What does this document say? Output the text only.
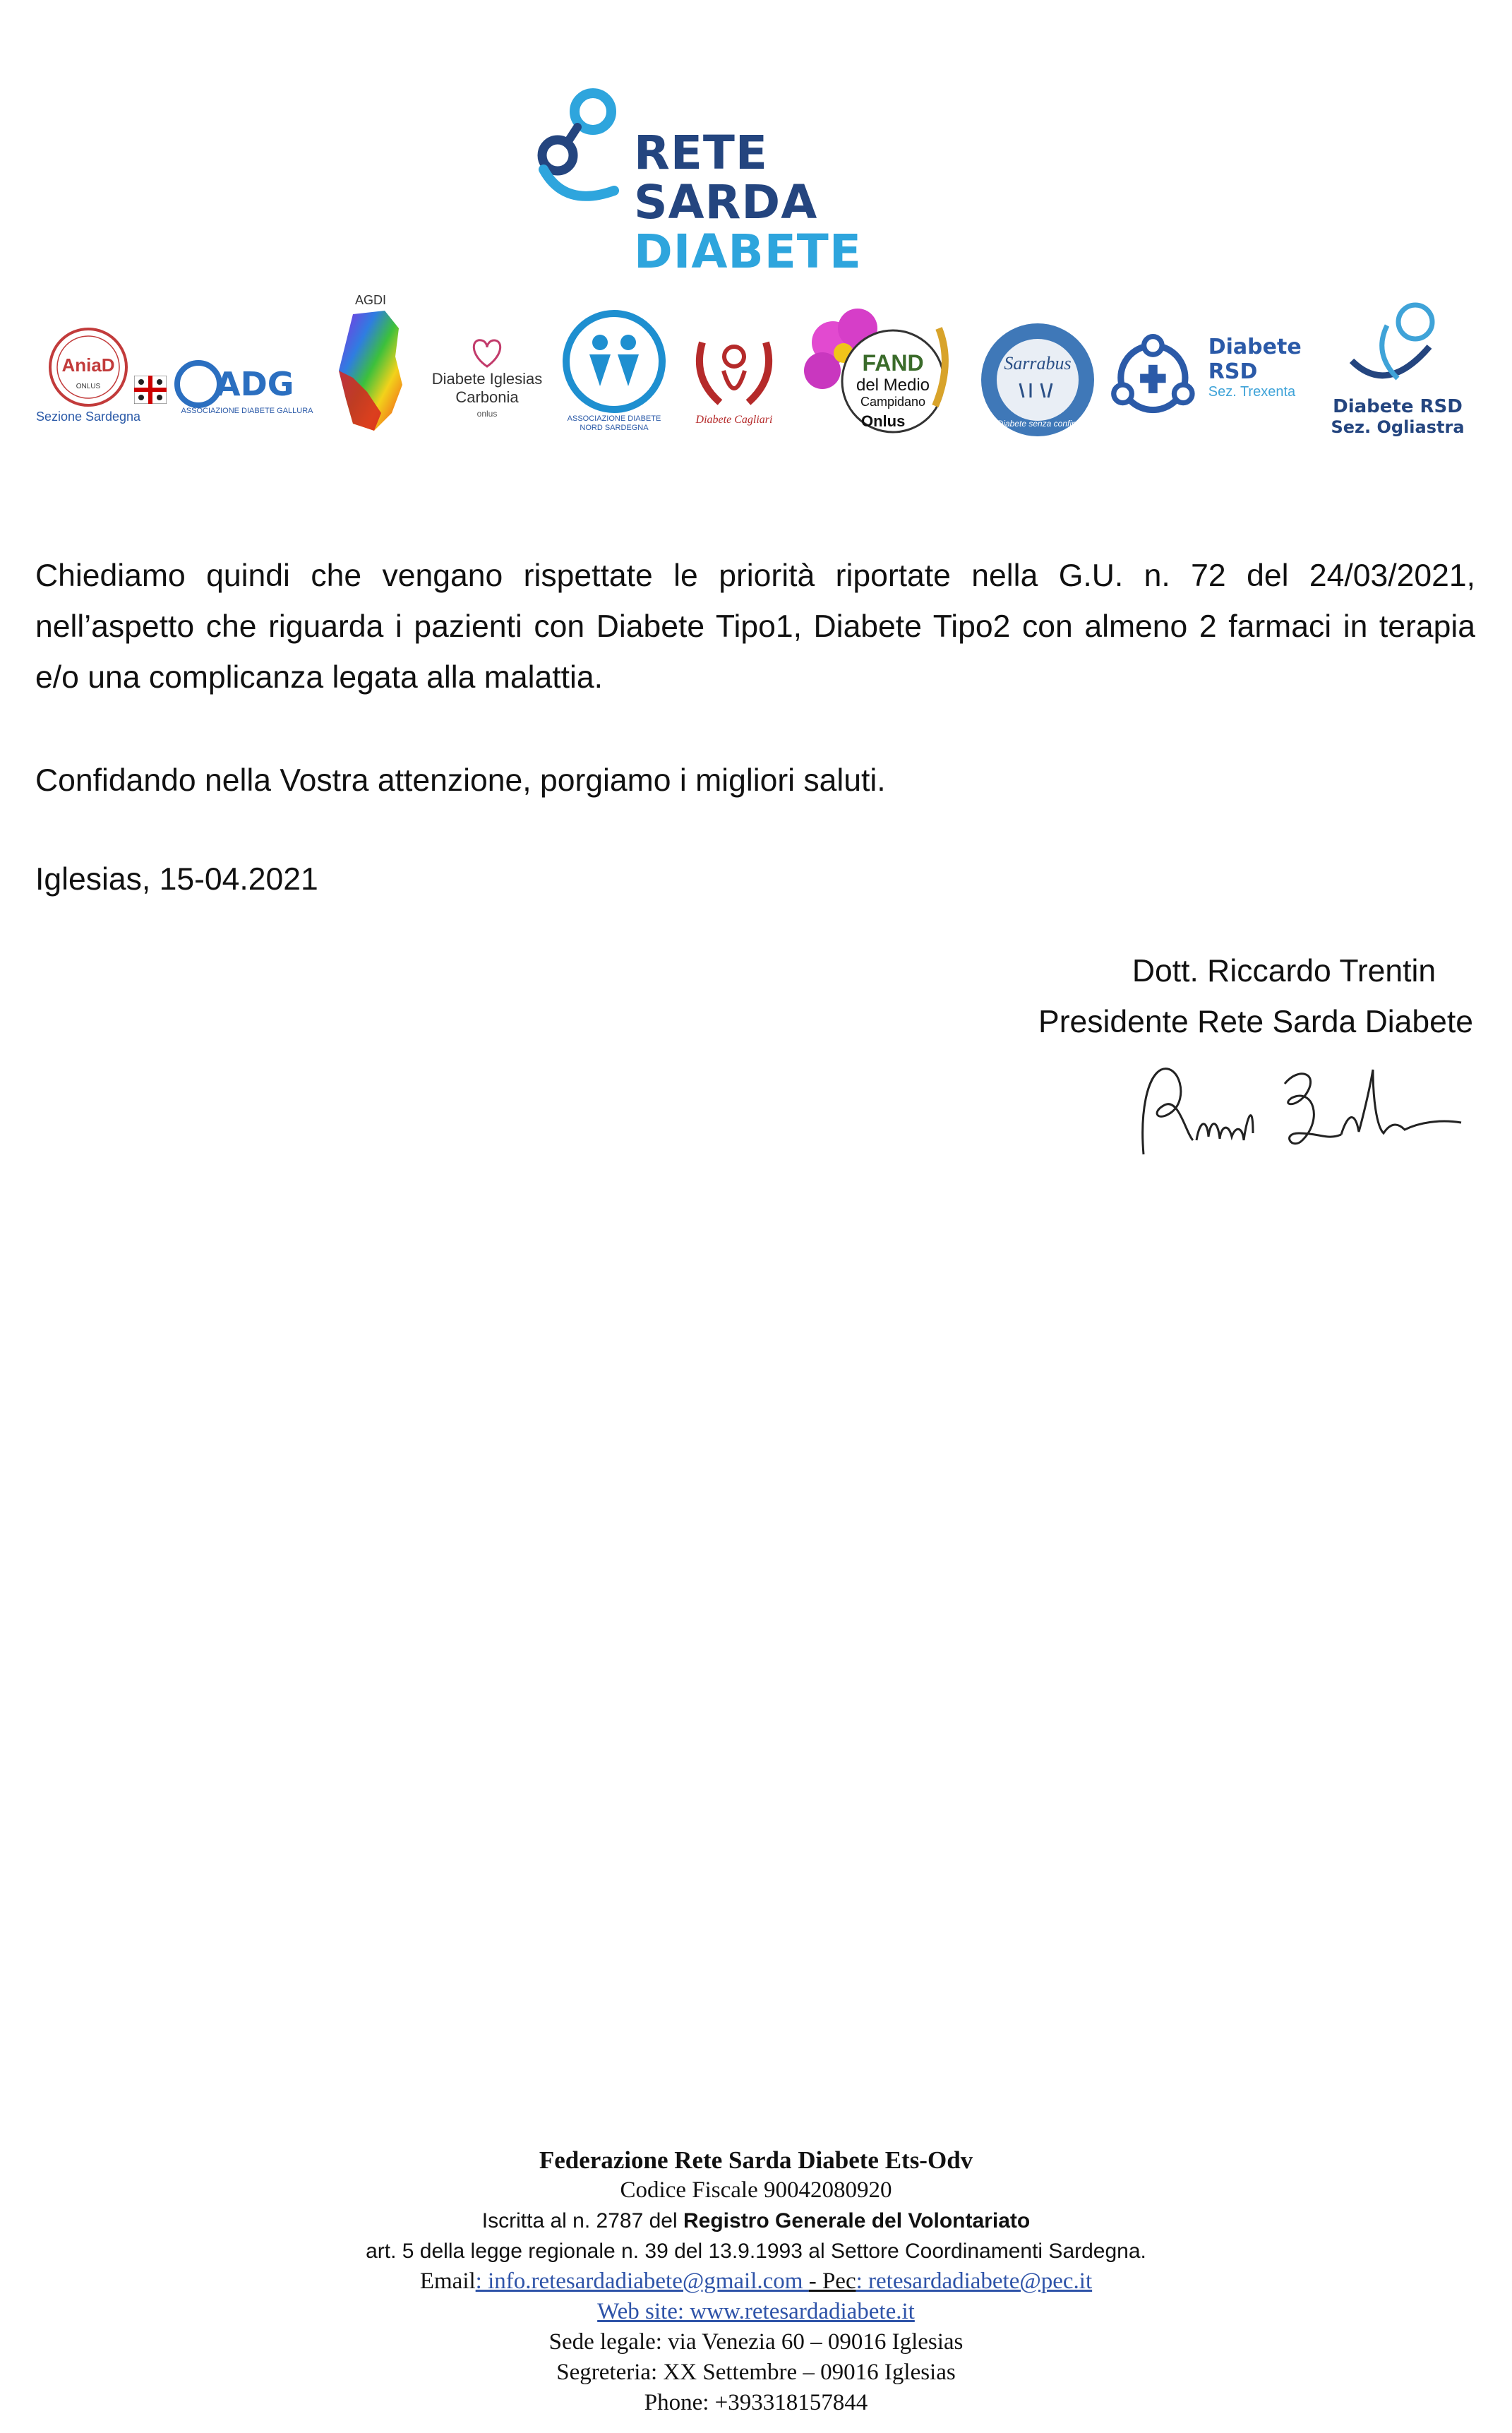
RETE
SARDA
DIABETE
AniaD
ONLUS
Sezione Sardegna
ADG
ASSOCIAZIONE DIABETE GALLURA
AGDI
Diabete Iglesias Carbonia
onlus	ASSOCIAZIONE DIABETE NORD SARDEGNA
Diabete Cagliari
FAND
del Medio
Campidano
Onlus
Sarrabus
Diabete senza confini
Diabete RSD
Sez. Trexenta
Diabete RSD
Sez. Ogliastra
Chiediamo quindi che vengano rispettate le priorità riportate nella G.U. n. 72 del 24/03/2021, nell’aspetto che riguarda i pazienti con Diabete Tipo1, Diabete Tipo2 con almeno 2 farmaci in terapia e/o una complicanza legata alla malattia.
Confidando nella Vostra attenzione, porgiamo i migliori saluti.
Iglesias, 15-04.2021
Dott. Riccardo Trentin
Presidente Rete Sarda Diabete
Federazione Rete Sarda Diabete Ets-Odv
Codice Fiscale 90042080920
Iscritta al n. 2787 del Registro Generale del Volontariato
art. 5 della legge regionale n. 39 del 13.9.1993 al Settore Coordinamenti Sardegna.
Email: info.retesardadiabete@gmail.com - Pec: retesardadiabete@pec.it
Web site: www.retesardadiabete.it
Sede legale: via Venezia 60 – 09016 Iglesias
Segreteria: XX Settembre – 09016 Iglesias
Phone: +393318157844
